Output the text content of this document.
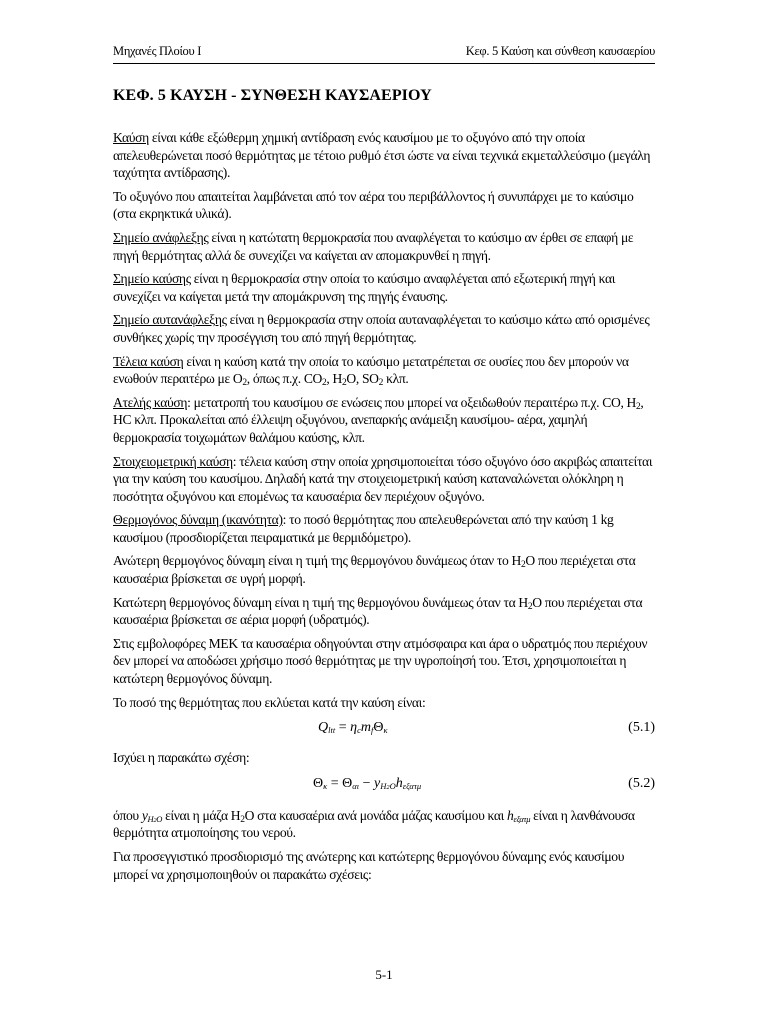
Μηχανές Πλοίου Ι	Κεφ. 5 Καύση και σύνθεση καυσαερίου
ΚΕΦ. 5 ΚΑΥΣΗ - ΣΥΝΘΕΣΗ ΚΑΥΣΑΕΡΙΟΥ

Καύση είναι κάθε εξώθερμη χημική αντίδραση ενός καυσίμου με το οξυγόνο από την οποία απελευθερώνεται ποσό θερμότητας με τέτοιο ρυθμό έτσι ώστε να είναι τεχνικά εκμεταλλεύσιμο (μεγάλη ταχύτητα αντίδρασης).

Το οξυγόνο που απαιτείται λαμβάνεται από τον αέρα του περιβάλλοντος ή συνυπάρχει με το καύσιμο (στα εκρηκτικά υλικά).

Σημείο ανάφλεξης είναι η κατώτατη θερμοκρασία που αναφλέγεται το καύσιμο αν έρθει σε επαφή με πηγή θερμότητας αλλά δε συνεχίζει να καίγεται αν απομακρυνθεί η πηγή.

Σημείο καύσης είναι η θερμοκρασία στην οποία το καύσιμο αναφλέγεται από εξωτερική πηγή και συνεχίζει να καίγεται μετά την απομάκρυνση της πηγής έναυσης.

Σημείο αυτανάφλεξης είναι η θερμοκρασία στην οποία αυταναφλέγεται το καύσιμο κάτω από ορισμένες συνθήκες χωρίς την προσέγγιση του από πηγή θερμότητας.

Τέλεια καύση είναι η καύση κατά την οποία το καύσιμο μετατρέπεται σε ουσίες που δεν μπορούν να ενωθούν περαιτέρω με $O_2$, όπως π.χ. $CO_2$, $H_2O$, $SO_2$ κλπ.

Ατελής καύση: μετατροπή του καυσίμου σε ενώσεις που μπορεί να οξειδωθούν περαιτέρω π.χ. CO, $H_2$, HC κλπ. Προκαλείται από έλλειψη οξυγόνου, ανεπαρκής ανάμειξη καυσίμου- αέρα, χαμηλή θερμοκρασία τοιχωμάτων θαλάμου καύσης, κλπ.

Στοιχειομετρική καύση: τέλεια καύση στην οποία χρησιμοποιείται τόσο οξυγόνο όσο ακριβώς απαιτείται για την καύση του καυσίμου. Δηλαδή κατά την στοιχειομετρική καύση καταναλώνεται ολόκληρη η ποσότητα οξυγόνου και επομένως τα καυσαέρια δεν περιέχουν οξυγόνο.

Θερμογόνος δύναμη (ικανότητα): το ποσό θερμότητας που απελευθερώνεται από την καύση 1 kg καυσίμου (προσδιορίζεται πειραματικά με θερμιδόμετρο).

Ανώτερη θερμογόνος δύναμη είναι η τιμή της θερμογόνου δυνάμεως όταν το $H_2O$ που περιέχεται στα καυσαέρια βρίσκεται σε υγρή μορφή.

Κατώτερη θερμογόνος δύναμη είναι η τιμή της θερμογόνου δυνάμεως όταν τα $H_2O$ που περιέχεται στα καυσαέρια βρίσκεται σε αέρια μορφή (υδρατμός).

Στις εμβολοφόρες ΜΕΚ τα καυσαέρια οδηγούνται στην ατμόσφαιρα και άρα ο υδρατμός που περιέχουν δεν μπορεί να αποδώσει χρήσιμο ποσό θερμότητας με την υγροποίησή του. Έτσι, χρησιμοποιείται η κατώτερη θερμογόνος δύναμη.

Το ποσό της θερμότητας που εκλύεται κατά την καύση είναι:

$Q_{ltt} = \eta_cm_f\Theta_\kappa$	(5.1)

Ισχύει η παρακάτω σχέση:

$\Theta_\kappa = \Theta_{\alpha\iota} - y_{H2O}h_{\varepsilon\xi\alpha\tau\mu}$	(5.2)

όπου $y_{H2O}$ είναι η μάζα $H_2O$ στα καυσαέρια ανά μονάδα μάζας καυσίμου και $h_{\varepsilon\xi\alpha\tau\mu}$ είναι η λανθάνουσα θερμότητα ατμοποίησης του νερού.

Για προσεγγιστικό προσδιορισμό της ανώτερης και κατώτερης θερμογόνου δύναμης ενός καυσίμου μπορεί να χρησιμοποιηθούν οι παρακάτω σχέσεις:

5-1
